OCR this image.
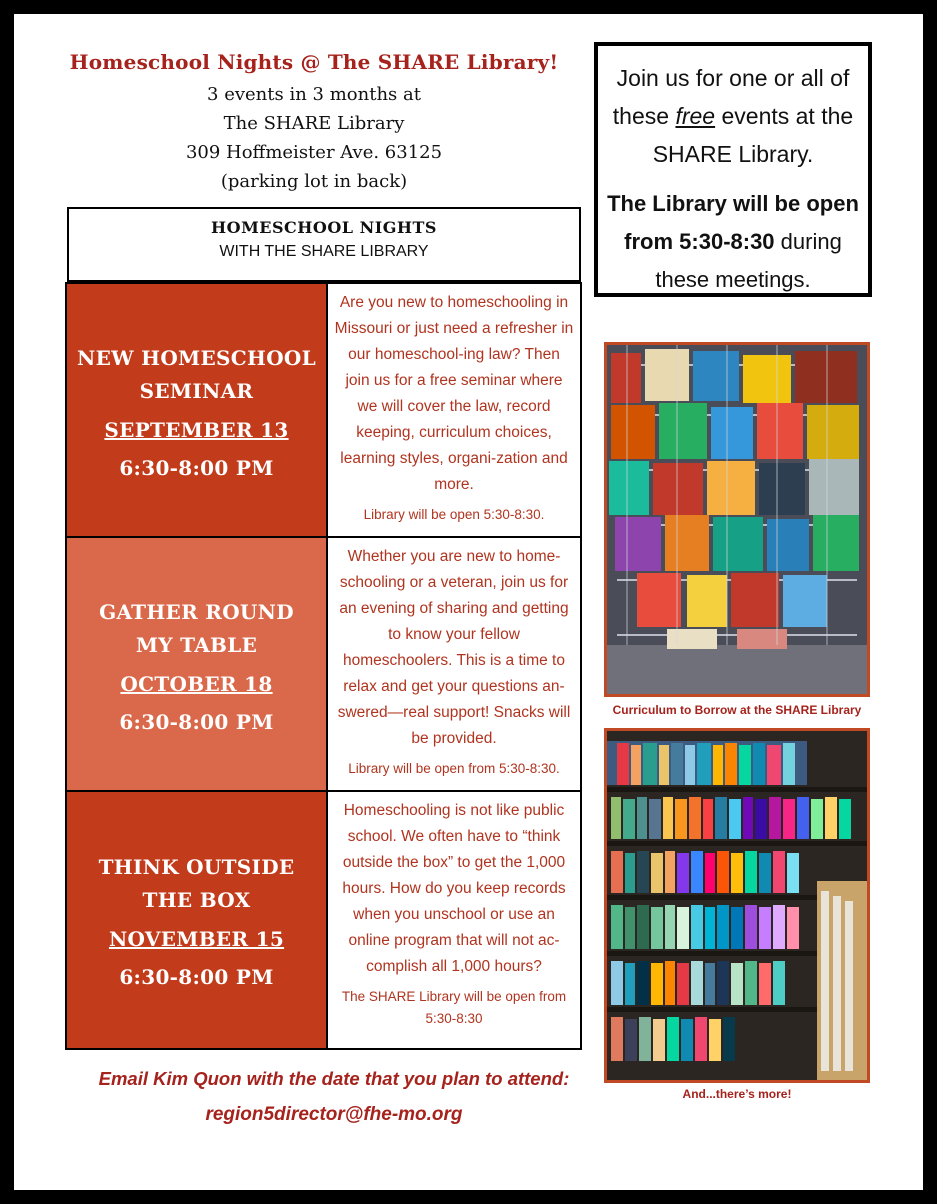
Homeschool Nights @ The SHARE Library!
3 events in 3 months at
The SHARE Library
309 Hoffmeister Ave. 63125
(parking lot in back)
Join us for one or all of these free events at the SHARE Library.
The Library will be open from 5:30-8:30 during these meetings.
HOMESCHOOL NIGHTS
WITH THE SHARE LIBRARY
NEW HOMESCHOOL
SEMINAR
SEPTEMBER 13
6:30-8:00 PM
Are you new to homeschooling in Missouri or just need a refresher in our homeschool-ing law? Then join us for a free seminar where we will cover the law, record keeping, curriculum choices, learning styles, organi-zation and more.
Library will be open 5:30-8:30.
GATHER ROUND
MY TABLE
OCTOBER 18
6:30-8:00 PM
Whether you are new to home-schooling or a veteran, join us for an evening of sharing and getting to know your fellow homeschoolers. This is a time to relax and get your questions an-swered—real support! Snacks will be provided.
Library will be open from 5:30-8:30.
THINK OUTSIDE
THE BOX
NOVEMBER 15
6:30-8:00 PM
Homeschooling is not like public school. We often have to “think outside the box” to get the 1,000 hours. How do you keep records when you unschool or use an online program that will not ac-complish all 1,000 hours?
The SHARE Library will be open from 5:30-8:30
Email Kim Quon with the date that you plan to attend:
region5director@fhe-mo.org
Curriculum to Borrow at the SHARE Library
And...there’s more!
